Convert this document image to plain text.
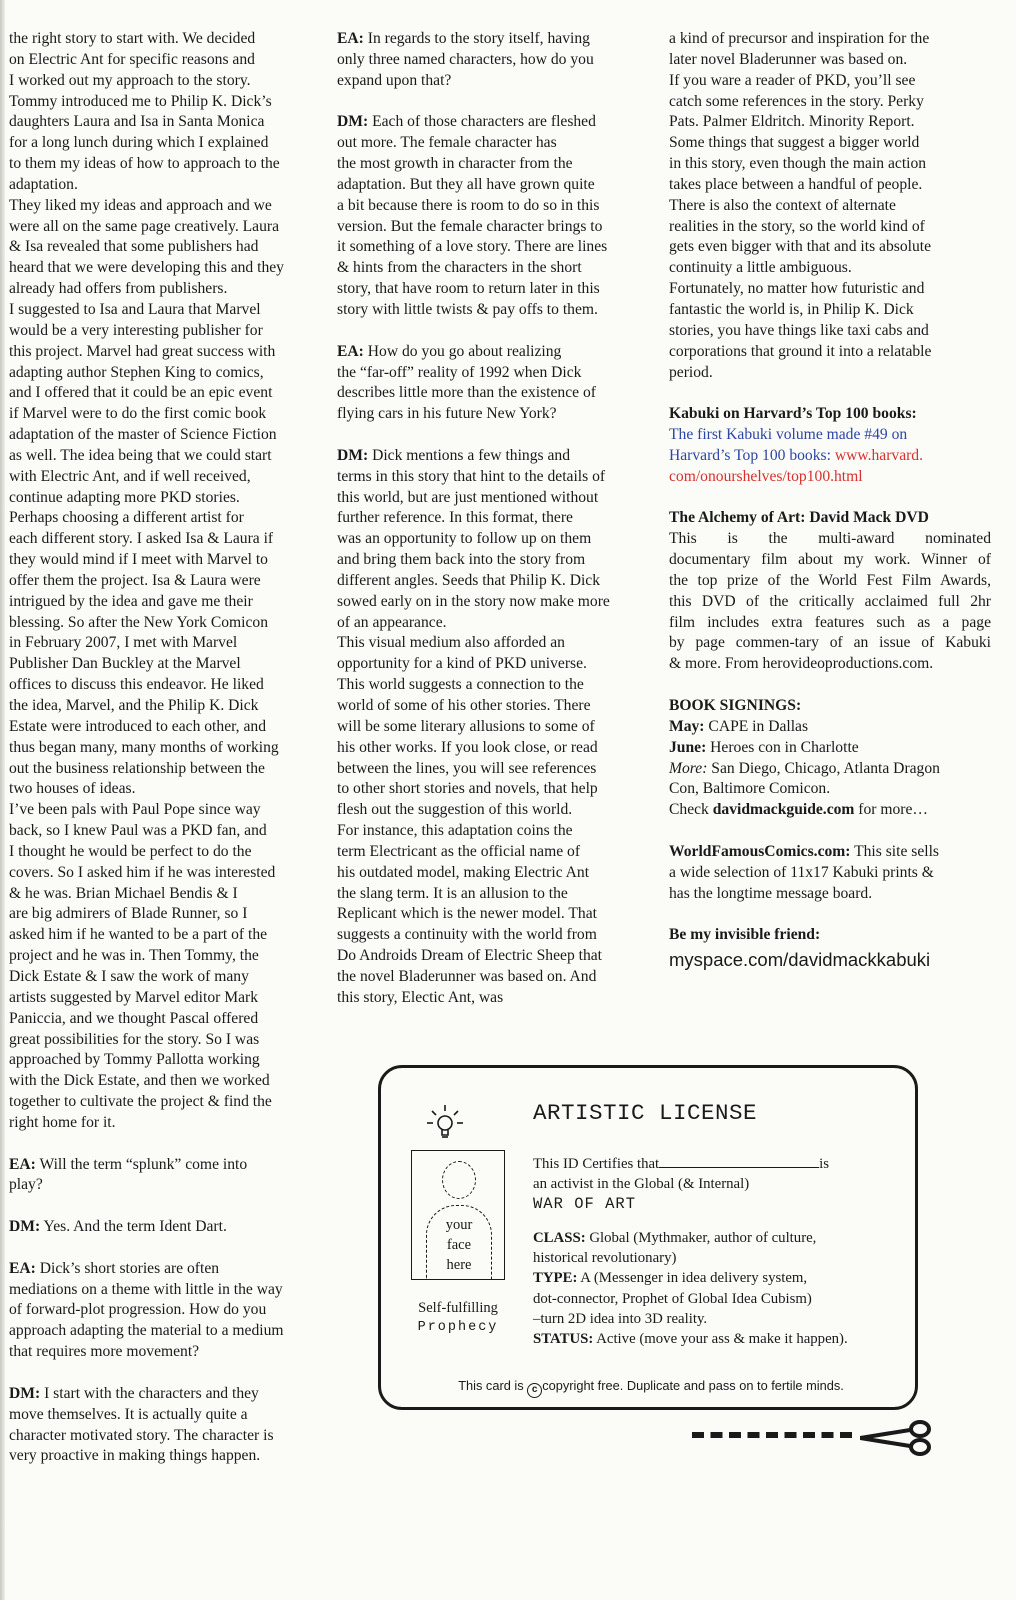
the right story to start with. We decided

on Electric Ant for specific reasons and

I worked out my approach to the story.

Tommy introduced me to Philip K. Dick’s

daughters Laura and Isa in Santa Monica

for a long lunch during which I explained

to them my ideas of how to approach to the

adaptation.

They liked my ideas and approach and we

were all on the same page creatively. Laura

& Isa revealed that some publishers had

heard that we were developing this and they

already had offers from publishers.

I suggested to Isa and Laura that Marvel

would be a very interesting publisher for

this project. Marvel had great success with

adapting author Stephen King to comics,

and I offered that it could be an epic event

if Marvel were to do the first comic book

adaptation of the master of Science Fiction

as well. The idea being that we could start

with Electric Ant, and if well received,

continue adapting more PKD stories.

Perhaps choosing a different artist for

each different story. I asked Isa & Laura if

they would mind if I meet with Marvel to

offer them the project. Isa & Laura were

intrigued by the idea and gave me their

blessing. So after the New York Comicon

in February 2007, I met with Marvel

Publisher Dan Buckley at the Marvel

offices to discuss this endeavor. He liked

the idea, Marvel, and the Philip K. Dick

Estate were introduced to each other, and

thus began many, many months of working

out the business relationship between the

two houses of ideas.

I’ve been pals with Paul Pope since way

back, so I knew Paul was a PKD fan, and

I thought he would be perfect to do the

covers. So I asked him if he was interested

& he was. Brian Michael Bendis & I

are big admirers of Blade Runner, so I

asked him if he wanted to be a part of the

project and he was in. Then Tommy, the

Dick Estate & I saw the work of many

artists suggested by Marvel editor Mark

Paniccia, and we thought Pascal offered

great possibilities for the story. So I was

approached by Tommy Pallotta working

with the Dick Estate, and then we worked

together to cultivate the project & find the

right home for it.

EA: Will the term “splunk” come into

play?

DM: Yes. And the term Ident Dart.

EA: Dick’s short stories are often

mediations on a theme with little in the way

of forward-plot progression. How do you

approach adapting the material to a medium

that requires more movement?

DM: I start with the characters and they

move themselves. It is actually quite a

character motivated story. The character is

very proactive in making things happen.

EA: In regards to the story itself, having

only three named characters, how do you

expand upon that?

DM: Each of those characters are fleshed

out more. The female character has

the most growth in character from the

adaptation. But they all have grown quite

a bit because there is room to do so in this

version. But the female character brings to

it something of a love story. There are lines

& hints from the characters in the short

story, that have room to return later in this

story with little twists & pay offs to them.

EA: How do you go about realizing

the “far-off” reality of 1992 when Dick

describes little more than the existence of

flying cars in his future New York?

DM: Dick mentions a few things and

terms in this story that hint to the details of

this world, but are just mentioned without

further reference. In this format, there

was an opportunity to follow up on them

and bring them back into the story from

different angles. Seeds that Philip K. Dick

sowed early on in the story now make more

of an appearance.

This visual medium also afforded an

opportunity for a kind of PKD universe.

This world suggests a connection to the

world of some of his other stories. There

will be some literary allusions to some of

his other works. If you look close, or read

between the lines, you will see references

to other short stories and novels, that help

flesh out the suggestion of this world.

For instance, this adaptation coins the

term Electricant as the official name of

his outdated model, making Electric Ant

the slang term. It is an allusion to the

Replicant which is the newer model. That

suggests a continuity with the world from

Do Androids Dream of Electric Sheep that

the novel Bladerunner was based on. And

this story, Electic Ant, was

a kind of precursor and inspiration for the

later novel Bladerunner was based on.

If you ware a reader of PKD, you’ll see

catch some references in the story. Perky

Pats. Palmer Eldritch. Minority Report.

Some things that suggest a bigger world

in this story, even though the main action

takes place between a handful of people.

There is also the context of alternate

realities in the story, so the world kind of

gets even bigger with that and its absolute

continuity a little ambiguous.

Fortunately, no matter how futuristic and

fantastic the world is, in Philip K. Dick

stories, you have things like taxi cabs and

corporations that ground it into a relatable

period.

Kabuki on Harvard’s Top 100 books:

The first Kabuki volume made #49 on

Harvard’s Top 100 books: www.harvard.

com/onourshelves/top100.html

The Alchemy of Art: David Mack DVD

This is the multi-award nominated

documentary film about my work. Winner of

the top prize of the World Fest Film Awards,

this DVD of the critically acclaimed full 2hr

film includes extra features such as a page

by page commen-tary of an issue of Kabuki

& more. From herovideoproductions.com.

BOOK SIGNINGS:

May: CAPE in Dallas

June: Heroes con in Charlotte

More: San Diego, Chicago, Atlanta Dragon

Con, Baltimore Comicon.

Check davidmackguide.com for more…

WorldFamousComics.com: This site sells

a wide selection of 11x17 Kabuki prints &

has the longtime message board.

Be my invisible friend:

myspace.com/davidmackkabuki

ARTISTIC LICENSE
your
face
here
Self-fulfilling
Prophecy
This ID Certifies that	is
an activist in the Global (& Internal)
WAR OF ART
CLASS: Global (Mythmaker, author of culture,
historical revolutionary)
TYPE: A (Messenger in idea delivery system,
dot-connector, Prophet of Global Idea Cubism)
–turn 2D idea into 3D reality.
STATUS: Active (move your ass & make it happen).
This card is c copyright free. Duplicate and pass on to fertile minds.
